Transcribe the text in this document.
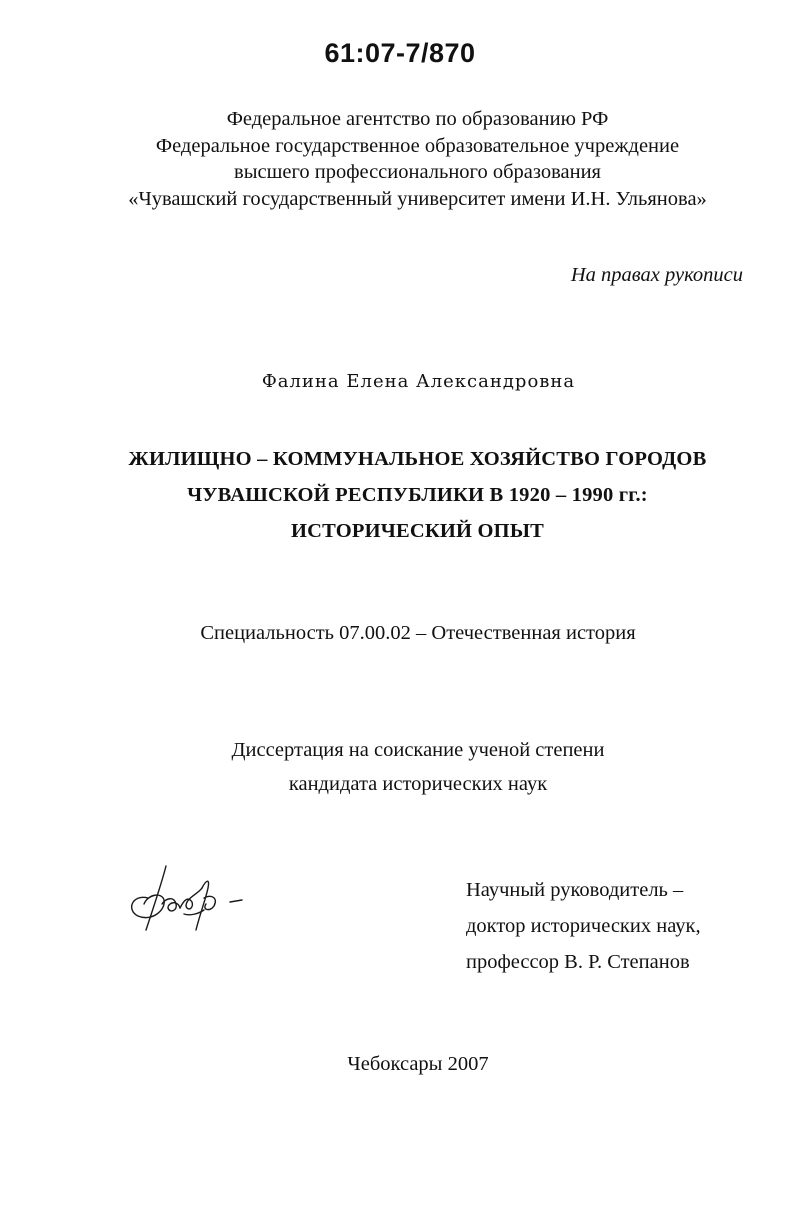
61:07-7/870
Федеральное агентство по образованию РФ
Федеральное государственное образовательное учреждение
высшего профессионального образования
«Чувашский государственный университет имени И.Н. Ульянова»
На правах рукописи
Фалина Елена Александровна
ЖИЛИЩНО – КОММУНАЛЬНОЕ ХОЗЯЙСТВО ГОРОДОВ
ЧУВАШСКОЙ РЕСПУБЛИКИ В 1920 – 1990 гг.:
ИСТОРИЧЕСКИЙ ОПЫТ
Специальность 07.00.02 – Отечественная история
Диссертация на соискание ученой степени
кандидата исторических наук
Научный руководитель –
доктор исторических наук,
профессор В. Р. Степанов
Чебоксары 2007
